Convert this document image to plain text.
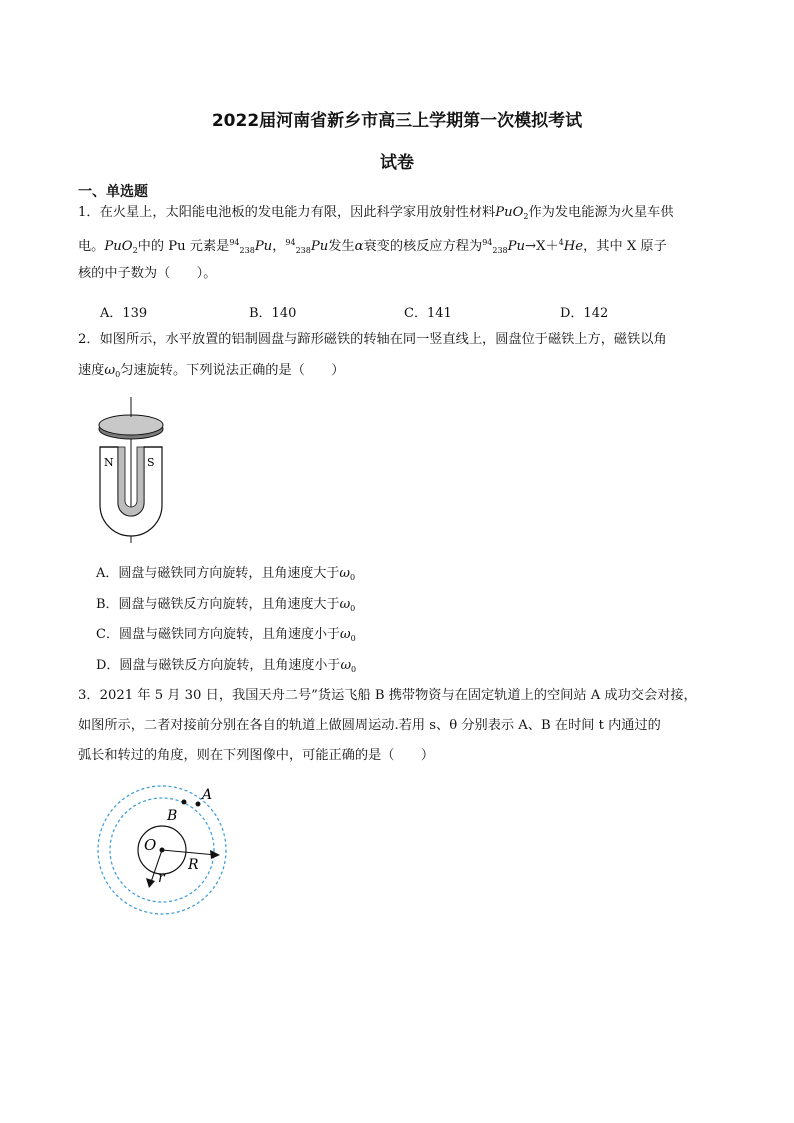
2022届河南省新乡市高三上学期第一次模拟考试
试卷
一、单选题
1．在火星上，太阳能电池板的发电能力有限，因此科学家用放射性材料PuO$_2$作为发电能源为火星车供
电。PuO$_2$中的 Pu 元素是$^{94}_{238}$Pu，$^{94}_{238}$Pu发生α衰变的核反应方程为$^{94}_{238}$Pu→X＋$^4$He，其中 X 原子
核的中子数为（　　）。
A．139	B．140	C．141	D．142
2．如图所示，水平放置的铝制圆盘与蹄形磁铁的转轴在同一竖直线上，圆盘位于磁铁上方，磁铁以角
速度$\omega_0$匀速旋转。下列说法正确的是（　　）
N	S
A．圆盘与磁铁同方向旋转，且角速度大于$\omega_0$
B．圆盘与磁铁反方向旋转，且角速度大于$\omega_0$
C．圆盘与磁铁同方向旋转，且角速度小于$\omega_0$
D．圆盘与磁铁反方向旋转，且角速度小于$\omega_0$
3．2021 年 5 月 30 日，我国天舟二号”货运飞船 B 携带物资与在固定轨道上的空间站 A 成功交会对接，
如图所示，二者对接前分别在各自的轨道上做圆周运动.若用 s、θ 分别表示 A、B 在时间 t 内通过的
弧长和转过的角度，则在下列图像中，可能正确的是（　　）
A
B
O
R
r
